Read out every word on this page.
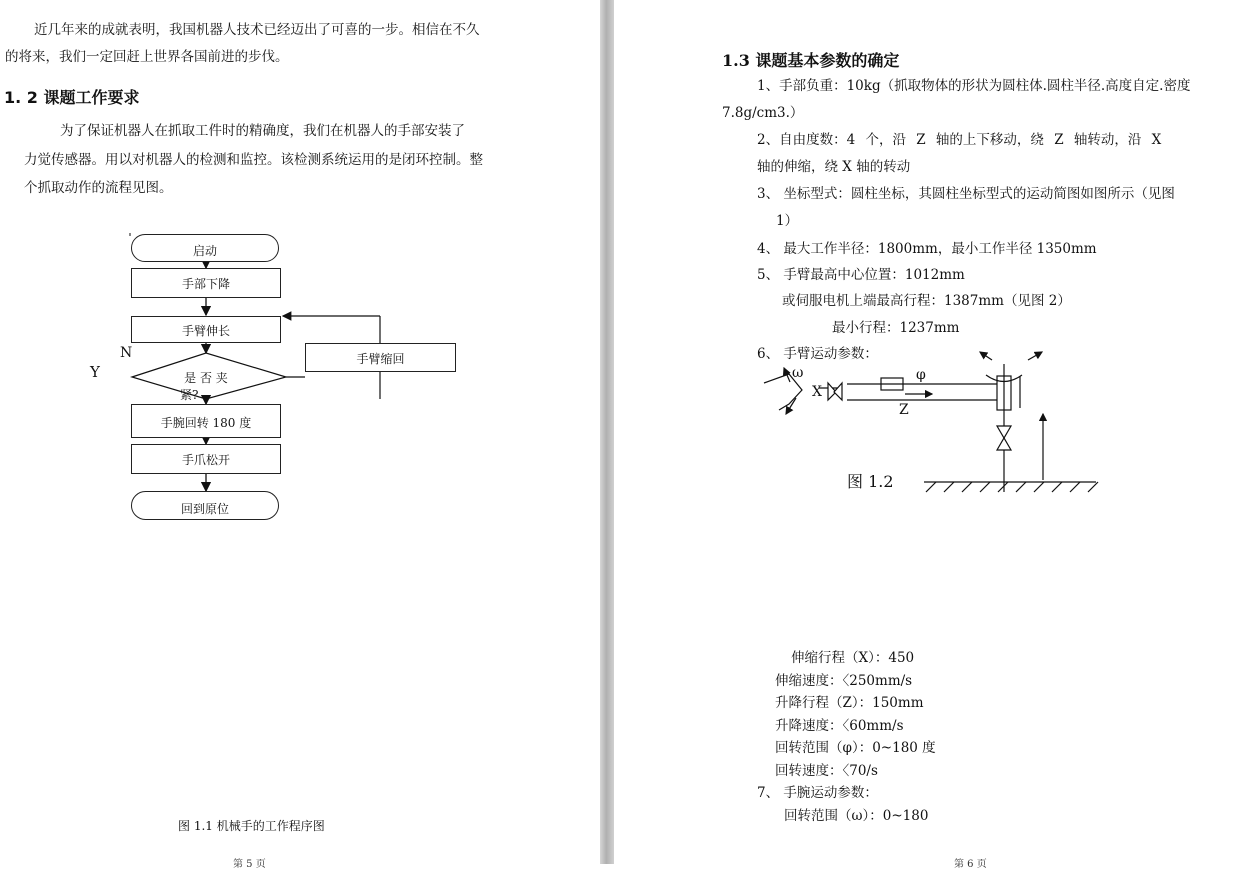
近几年来的成就表明，我国机器人技术已经迈出了可喜的一步。相信在不久
的将来，我们一定回赶上世界各国前进的步伐。
1. 2 课题工作要求
为了保证机器人在抓取工件时的精确度，我们在机器人的手部安装了
力觉传感器。用以对机器人的检测和监控。该检测系统运用的是闭环控制。整
个抓取动作的流程见图。
启动
手部下降
手臂伸长
是 否 夹
紧?
N
Y
手臂缩回
手腕回转 180 度
手爪松开
回到原位
图 1.1 机械手的工作程序图
第 5 页
1.3 课题基本参数的确定
1、手部负重：10kg（抓取物体的形状为圆柱体.圆柱半径.高度自定.密度
7.8g/cm3.）
2、自由度数：4 个，沿 Z 轴的上下移动，绕 Z 轴转动，沿 X
轴的伸缩，绕 X 轴的转动
3、 坐标型式：圆柱坐标，其圆柱坐标型式的运动简图如图所示（见图
1）
4、 最大工作半径：1800mm，最小工作半径 1350mm
5、 手臂最高中心位置：1012mm
或伺服电机上端最高行程：1387mm（见图 2）
最小行程：1237mm
6、 手臂运动参数：
ω
X
φ
Z
图 1.2
伸缩行程（X）：450
伸缩速度：〈250mm/s
升降行程（Z）：150mm
升降速度：〈60mm/s
回转范围（φ）：0~180 度
回转速度：〈70/s
7、 手腕运动参数：
回转范围（ω）：0~180
第 6 页
